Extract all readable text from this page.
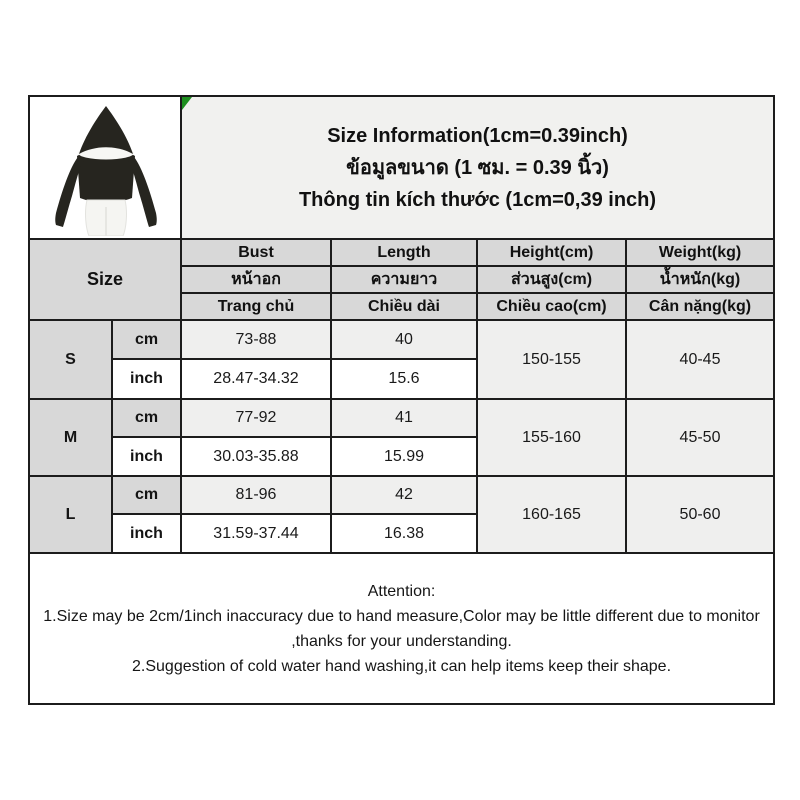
Size Information(1cm=0.39inch)
ข้อมูลขนาด (1 ซม. = 0.39 นิ้ว)
Thông tin kích thước (1cm=0,39 inch)			

Size		Bust	Length	Height(cm)	Weight(kg)
		หน้าอก	ความยาว	ส่วนสูง(cm)	น้ำหนัก(kg)
		Trang chủ	Chiều dài	Chiều cao(cm)	Cân nặng(kg)
S	cm	73-88	40	150-155	40-45
	inch	28.47-34.32	15.6		
M	cm	77-92	41	155-160	45-50
	inch	30.03-35.88	15.99		
L	cm	81-96	42	160-165	50-60
	inch	31.59-37.44	16.38		

Attention:
1.Size may be 2cm/1inch inaccuracy due to hand measure,Color may be little different due to monitor ,thanks for your understanding.
2.Suggestion of cold water hand washing,it can help items keep their shape.					
